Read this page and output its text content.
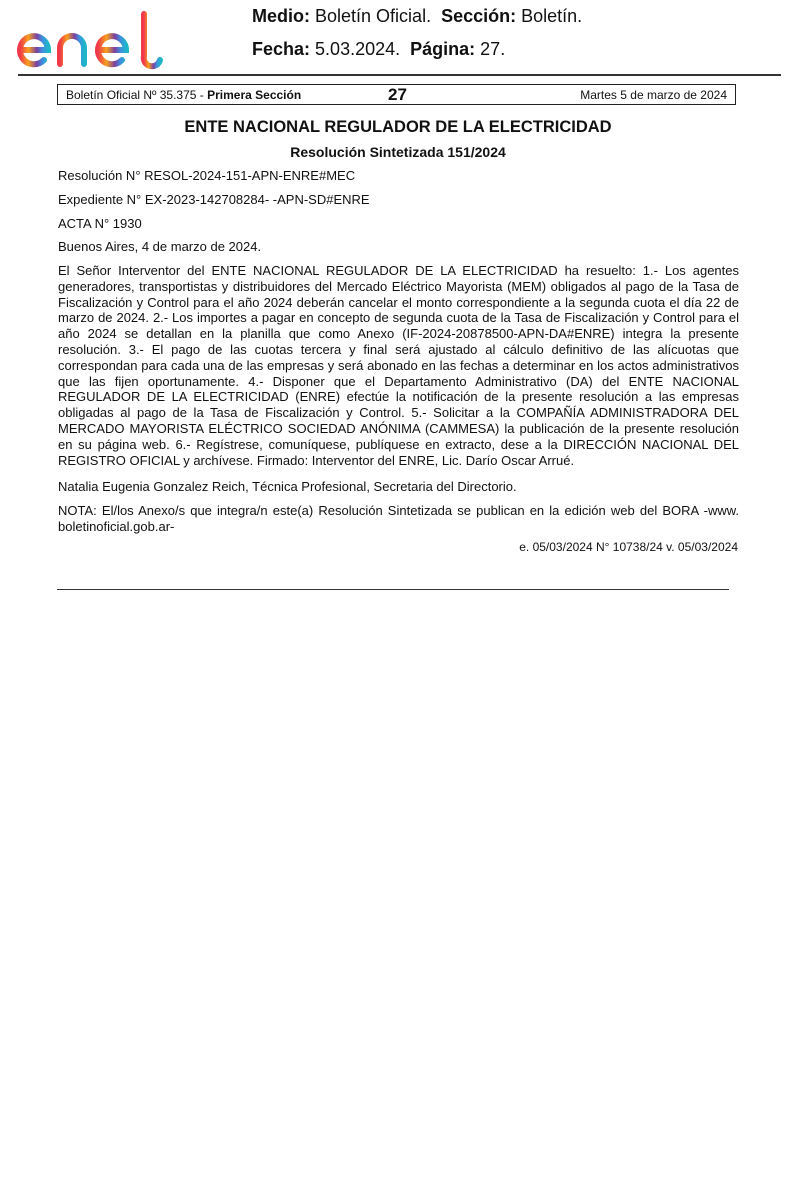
Medio: Boletín Oficial. Sección: Boletín.
Fecha: 5.03.2024. Página: 27.
Boletín Oficial Nº 35.375 - Primera Sección	27	Martes 5 de marzo de 2024
ENTE NACIONAL REGULADOR DE LA ELECTRICIDAD
Resolución Sintetizada 151/2024
Resolución N° RESOL-2024-151-APN-ENRE#MEC
Expediente N° EX-2023-142708284- -APN-SD#ENRE
ACTA N° 1930
Buenos Aires, 4 de marzo de 2024.
El Señor Interventor del ENTE NACIONAL REGULADOR DE LA ELECTRICIDAD ha resuelto: 1.- Los agentes generadores, transportistas y distribuidores del Mercado Eléctrico Mayorista (MEM) obligados al pago de la Tasa de Fiscalización y Control para el año 2024 deberán cancelar el monto correspondiente a la segunda cuota el día 22 de marzo de 2024. 2.- Los importes a pagar en concepto de segunda cuota de la Tasa de Fiscalización y Control para el año 2024 se detallan en la planilla que como Anexo (IF-2024-20878500-APN-DA#ENRE) integra la presente resolución. 3.- El pago de las cuotas tercera y final será ajustado al cálculo definitivo de las alícuotas que correspondan para cada una de las empresas y será abonado en las fechas a determinar en los actos administrativos que las fijen oportunamente. 4.- Disponer que el Departamento Administrativo (DA) del ENTE NACIONAL REGULADOR DE LA ELECTRICIDAD (ENRE) efectúe la notificación de la presente resolución a las empresas obligadas al pago de la Tasa de Fiscalización y Control. 5.- Solicitar a la COMPAÑÍA ADMINISTRADORA DEL MERCADO MAYORISTA ELÉCTRICO SOCIEDAD ANÓNIMA (CAMMESA) la publicación de la presente resolución en su página web. 6.- Regístrese, comuníquese, publíquese en extracto, dese a la DIRECCIÓN NACIONAL DEL REGISTRO OFICIAL y archívese. Firmado: Interventor del ENRE, Lic. Darío Oscar Arrué.
Natalia Eugenia Gonzalez Reich, Técnica Profesional, Secretaria del Directorio.
NOTA: El/los Anexo/s que integra/n este(a) Resolución Sintetizada se publican en la edición web del BORA -www. boletinoficial.gob.ar-
e. 05/03/2024 N° 10738/24 v. 05/03/2024
